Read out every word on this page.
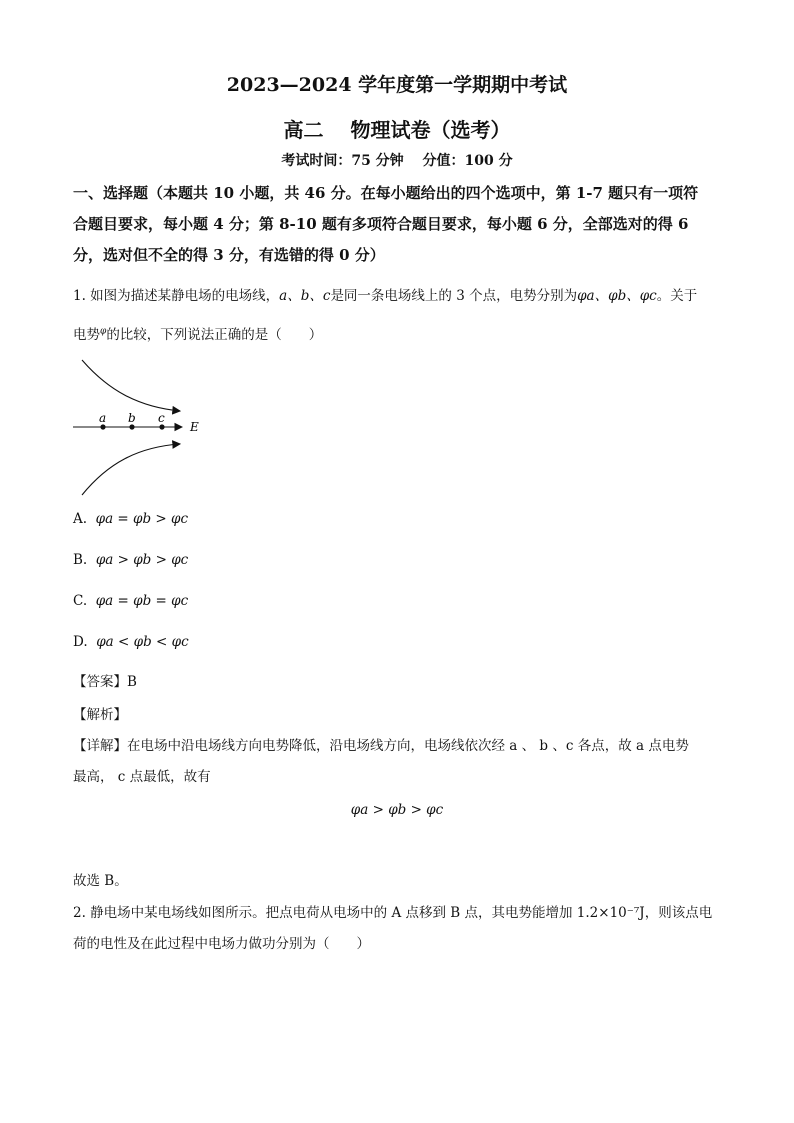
2023—2024 学年度第一学期期中考试
高二　 物理试卷（选考）
考试时间：75 分钟　 分值：100 分
一、选择题（本题共 10 小题，共 46 分。在每小题给出的四个选项中，第 1-7 题只有一项符
合题目要求，每小题 4 分；第 8-10 题有多项符合题目要求，每小题 6 分，全部选对的得 6
分，选对但不全的得 3 分，有选错的得 0 分）
1. 如图为描述某静电场的电场线，a、b、c是同一条电场线上的 3 个点，电势分别为φa、φb、φc。关于
电势$^\varphi$的比较，下列说法正确的是（　　）
a b c
E
A. φa = φb > φc
B. φa > φb > φc
C. φa = φb = φc
D. φa < φb < φc
【答案】B
【解析】
【详解】在电场中沿电场线方向电势降低，沿电场线方向，电场线依次经 a 、 b 、c 各点，故 a 点电势
最高， c 点最低，故有
φa > φb > φc
故选 B。
2. 静电场中某电场线如图所示。把点电荷从电场中的 A 点移到 B 点，其电势能增加 1.2×10⁻⁷J，则该点电
荷的电性及在此过程中电场力做功分别为（　　）
